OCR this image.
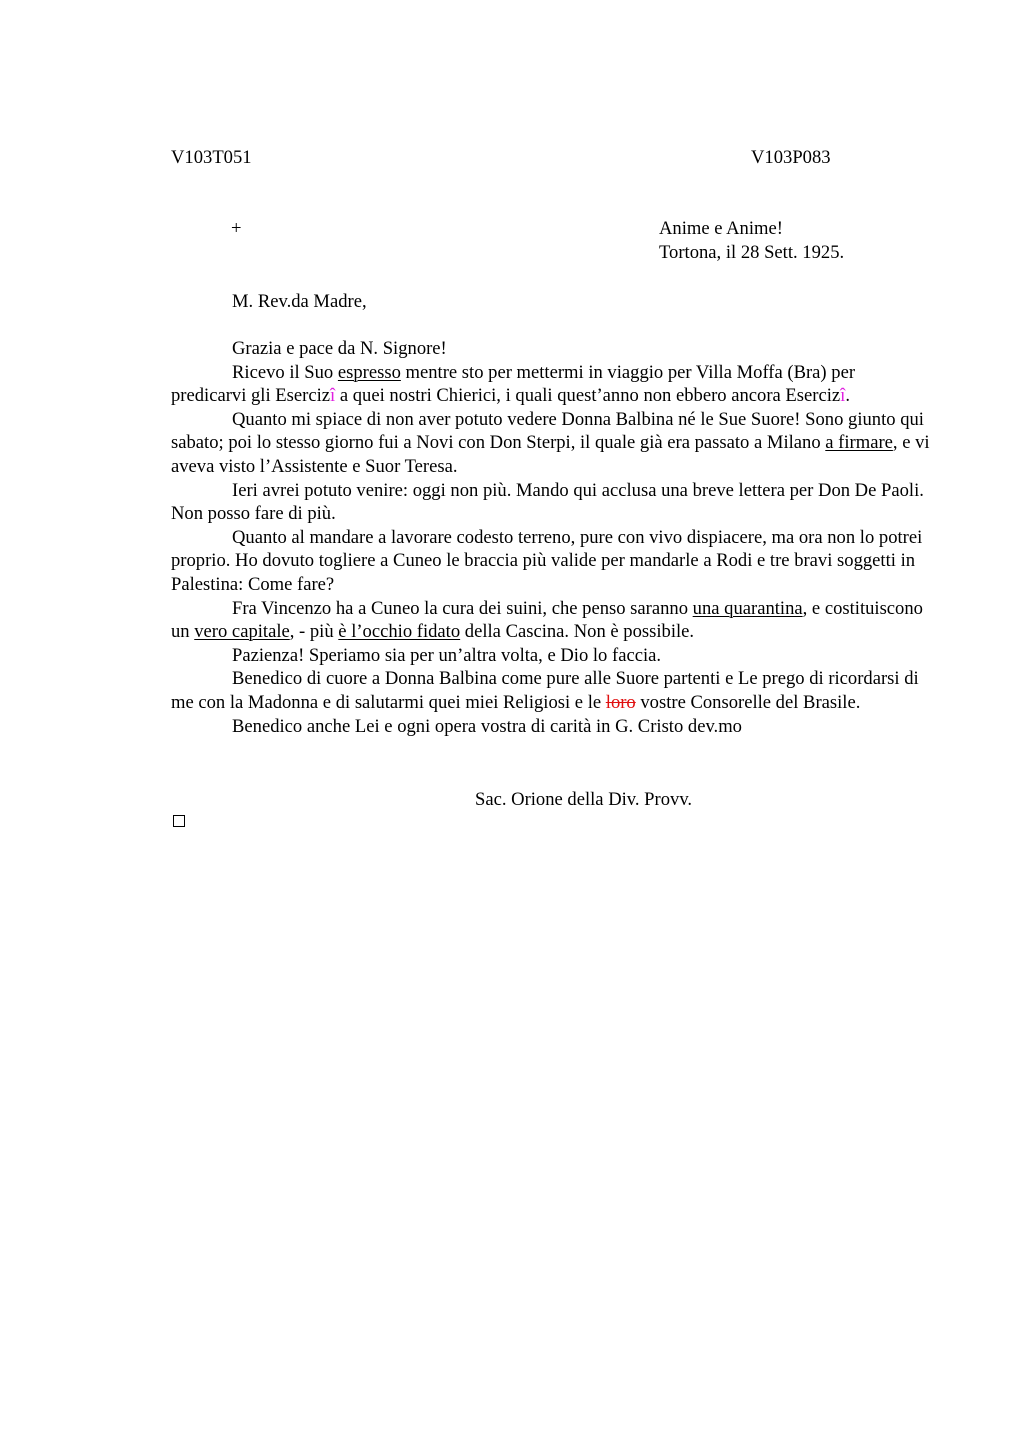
V103T051	V103P083
+	Anime e Anime!
Tortona, il 28 Sett. 1925.
M. Rev.da Madre,

Grazia e pace da N. Signore!

Ricevo il Suo espresso mentre sto per mettermi in viaggio per Villa Moffa (Bra) per predicarvi gli Esercizî a quei nostri Chierici, i quali quest’anno non ebbero ancora Esercizî.

Quanto mi spiace di non aver potuto vedere Donna Balbina né le Sue Suore! Sono giunto qui sabato; poi lo stesso giorno fui a Novi con Don Sterpi, il quale già era passato a Milano a firmare, e vi aveva visto l’Assistente e Suor Teresa.

Ieri avrei potuto venire: oggi non più. Mando qui acclusa una breve lettera per Don De Paoli. Non posso fare di più.

Quanto al mandare a lavorare codesto terreno, pure con vivo dispiacere, ma ora non lo potrei proprio. Ho dovuto togliere a Cuneo le braccia più valide per mandarle a Rodi e tre bravi soggetti in Palestina: Come fare?

Fra Vincenzo ha a Cuneo la cura dei suini, che penso saranno una quarantina, e costituiscono un vero capitale, - più è l’occhio fidato della Cascina. Non è possibile.

Pazienza! Speriamo sia per un’altra volta, e Dio lo faccia.

Benedico di cuore a Donna Balbina come pure alle Suore partenti e Le prego di ricordarsi di me con la Madonna e di salutarmi quei miei Religiosi e le loro vostre Consorelle del Brasile.

Benedico anche Lei e ogni opera vostra di carità in G. Cristo dev.mo

Sac. Orione della Div. Provv.
